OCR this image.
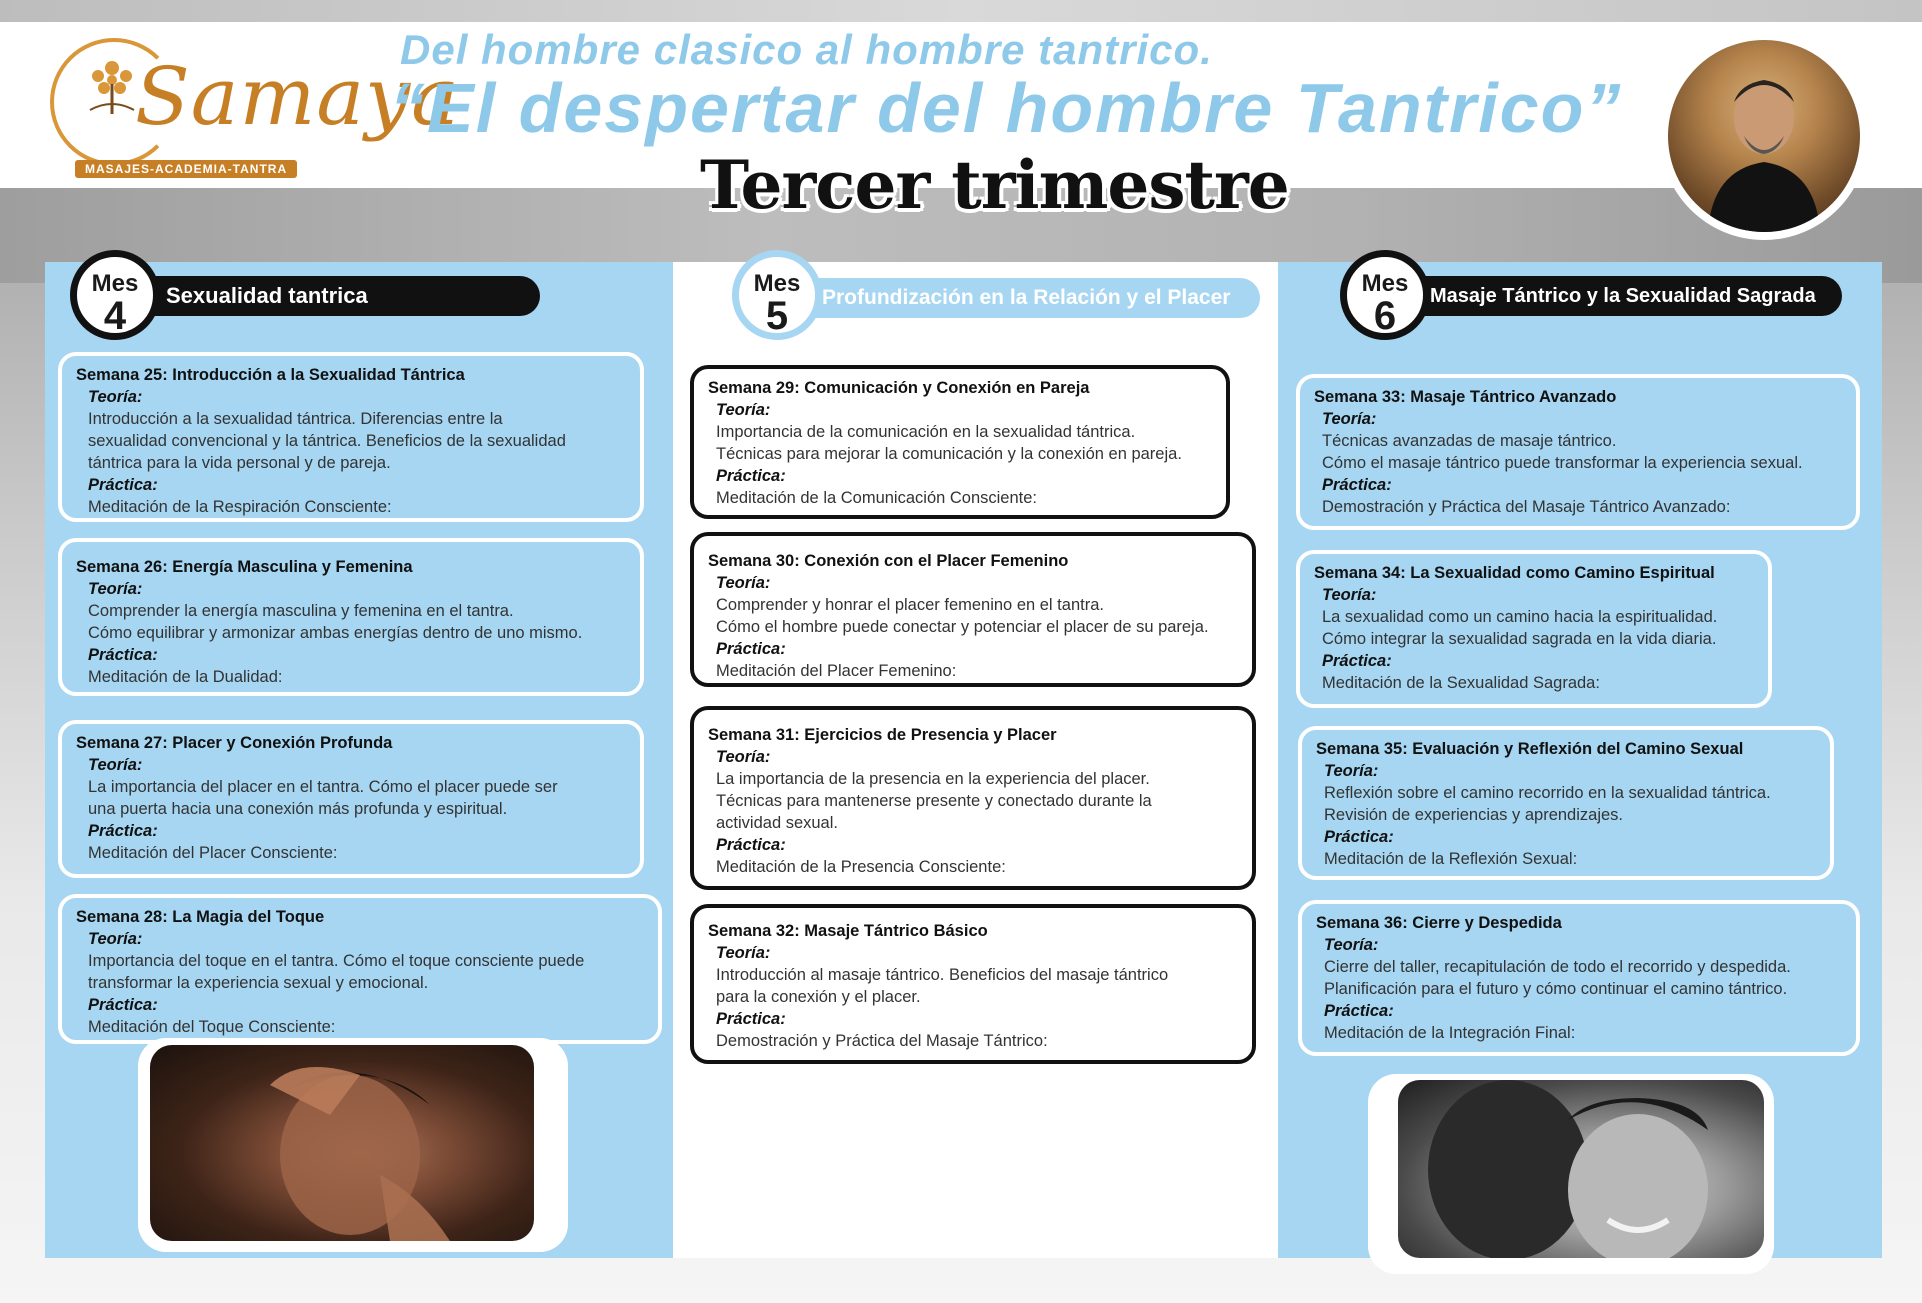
Samaya
MASAJES-ACADEMIA-TANTRA
Del hombre clasico al hombre tantrico.
“El despertar del hombre Tantrico”
Tercer trimestre
Sexualidad tantrica
Mes
4

Semana 25: Introducción a la Sexualidad Tántrica

Teoría:

Introducción a la sexualidad tántrica. Diferencias entre la
sexualidad convencional y la tántrica. Beneficios de la sexualidad
tántrica para la vida personal y de pareja.

Práctica:

Meditación de la Respiración Consciente:

Semana 26: Energía Masculina y Femenina

Teoría:

Comprender la energía masculina y femenina en el tantra.
Cómo equilibrar y armonizar ambas energías dentro de uno mismo.

Práctica:

Meditación de la Dualidad:

Semana 27: Placer y Conexión Profunda

Teoría:

La importancia del placer en el tantra. Cómo el placer puede ser
una puerta hacia una conexión más profunda y espiritual.

Práctica:

Meditación del Placer Consciente:

Semana 28: La Magia del Toque

Teoría:

Importancia del toque en el tantra. Cómo el toque consciente puede
transformar la experiencia sexual y emocional.

Práctica:

Meditación del Toque Consciente:

Profundización en la Relación y el Placer
Mes
5

Semana 29: Comunicación y Conexión en Pareja

Teoría:

Importancia de la comunicación en la sexualidad tántrica.
Técnicas para mejorar la comunicación y la conexión en pareja.

Práctica:

Meditación de la Comunicación Consciente:

Semana 30: Conexión con el Placer Femenino

Teoría:

Comprender y honrar el placer femenino en el tantra.
Cómo el hombre puede conectar y potenciar el placer de su pareja.

Práctica:

Meditación del Placer Femenino:

Semana 31: Ejercicios de Presencia y Placer

Teoría:

La importancia de la presencia en la experiencia del placer.
Técnicas para mantenerse presente y conectado durante la
actividad sexual.

Práctica:

Meditación de la Presencia Consciente:

Semana 32: Masaje Tántrico Básico

Teoría:

Introducción al masaje tántrico. Beneficios del masaje tántrico
para la conexión y el placer.

Práctica:

Demostración y Práctica del Masaje Tántrico:

Masaje Tántrico y la Sexualidad Sagrada
Mes
6

Semana 33: Masaje Tántrico Avanzado

Teoría:

Técnicas avanzadas de masaje tántrico.
Cómo el masaje tántrico puede transformar la experiencia sexual.

Práctica:

Demostración y Práctica del Masaje Tántrico Avanzado:

Semana 34: La Sexualidad como Camino Espiritual

Teoría:

La sexualidad como un camino hacia la espiritualidad.
Cómo integrar la sexualidad sagrada en la vida diaria.

Práctica:

Meditación de la Sexualidad Sagrada:

Semana 35: Evaluación y Reflexión del Camino Sexual

Teoría:

Reflexión sobre el camino recorrido en la sexualidad tántrica.
Revisión de experiencias y aprendizajes.

Práctica:

Meditación de la Reflexión Sexual:

Semana 36: Cierre y Despedida

Teoría:

Cierre del taller, recapitulación de todo el recorrido y despedida.
Planificación para el futuro y cómo continuar el camino tántrico.

Práctica:

Meditación de la Integración Final:
